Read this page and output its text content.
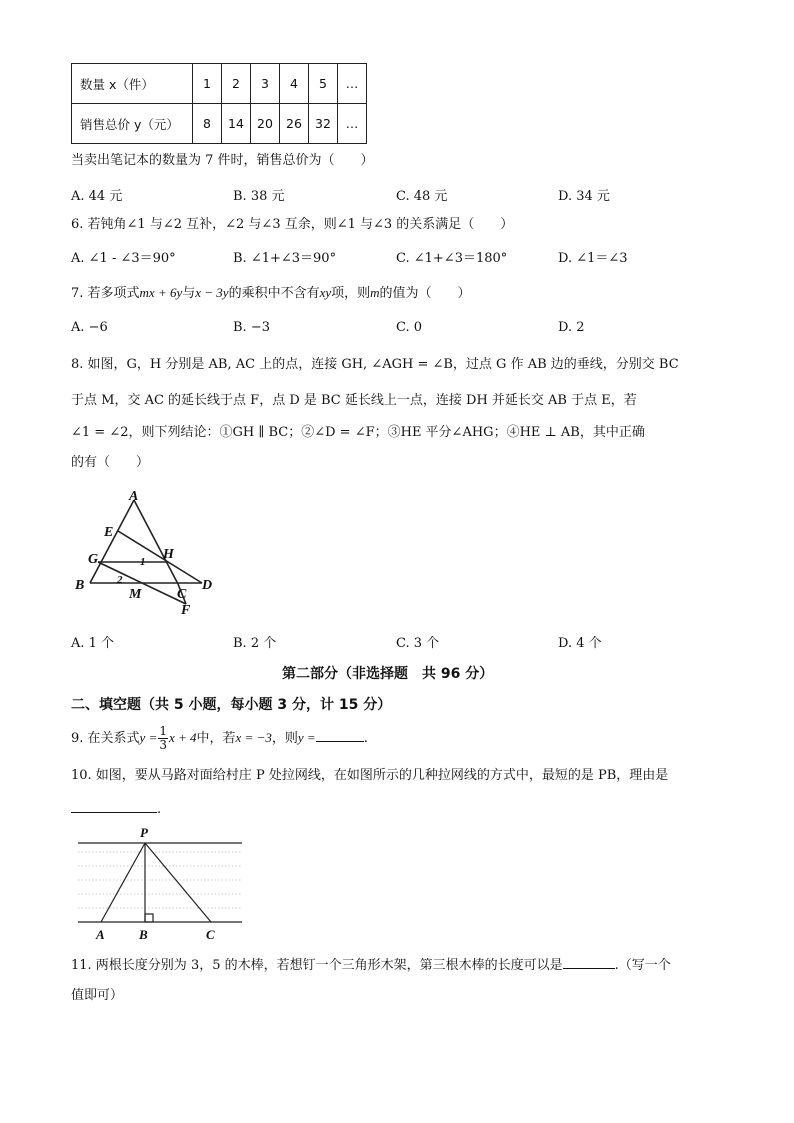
数量 x（件）	1	2	3	4	5	…
销售总价 y（元）	8	14	20	26	32	…
当卖出笔记本的数量为 7 件时，销售总价为（　　）
A. 44 元	B. 38 元	C. 48 元	D. 34 元
6. 若钝角∠1 与∠2 互补，∠2 与∠3 互余，则∠1 与∠3 的关系满足（　　）
A. ∠1 - ∠3＝90°	B. ∠1+∠3＝90°	C. ∠1+∠3＝180°	D. ∠1＝∠3
7. 若多项式mx + 6y与x − 3y的乘积中不含有xy项，则m的值为（　　）
A. −6	B. −3	C. 0	D. 2
8. 如图，G，H 分别是 AB, AC 上的点，连接 GH, ∠AGH = ∠B，过点 G 作 AB 边的垂线，分别交 BC
于点 M，交 AC 的延长线于点 F，点 D 是 BC 延长线上一点，连接 DH 并延长交 AB 于点 E，若
∠1 = ∠2，则下列结论：①GH ∥ BC；②∠D = ∠F；③HE 平分∠AHG；④HE ⊥ AB，其中正确
的有（　　）
A
E
G	1 H
B	2
M	C
D
F
A. 1 个	B. 2 个	C. 3 个	D. 4 个
第二部分（非选择题　共 96 分）
二、填空题（共 5 小题，每小题 3 分，计 15 分）
9. 在关系式$y = \frac{1}{3}$ x + 4中，若x = −3，则y =	.
10. 如图，要从马路对面给村庄 P 处拉网线，在如图所示的几种拉网线的方式中，最短的是 PB，理由是
.
P
A	B	C
11. 两根长度分别为 3，5 的木棒，若想钉一个三角形木架，第三根木棒的长度可以是	.（写一个
值即可）
